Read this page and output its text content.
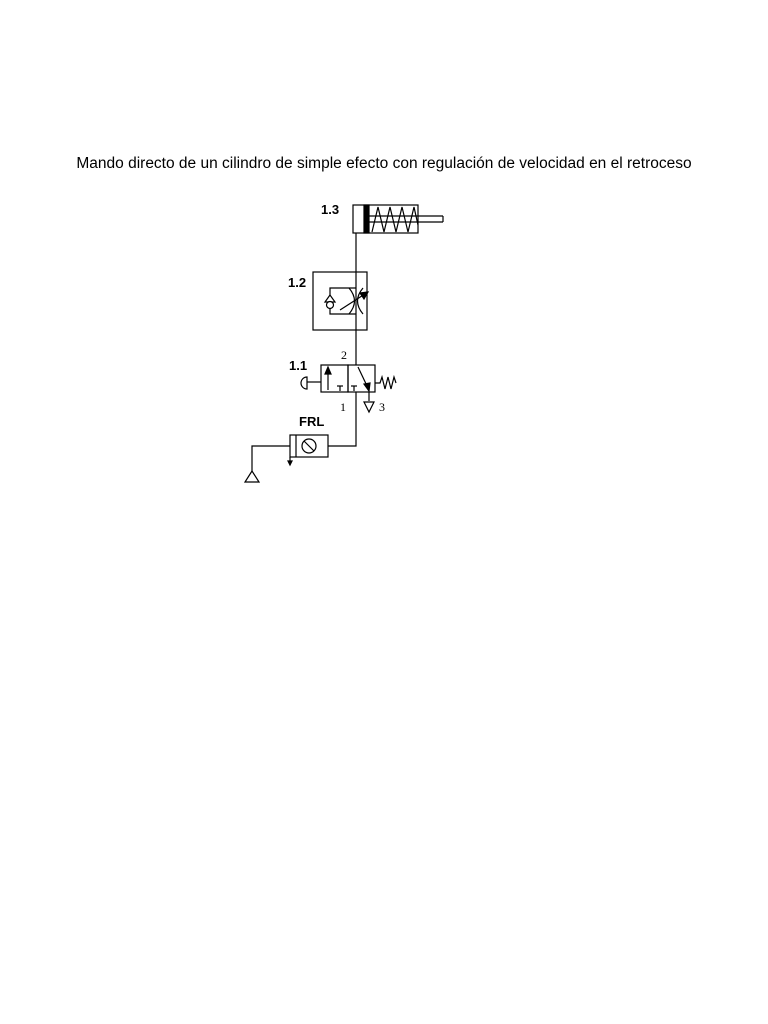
Mando directo de un cilindro de simple efecto con regulación de velocidad en el retroceso
1.3
1.2
1.1
FRL
2
1	3
